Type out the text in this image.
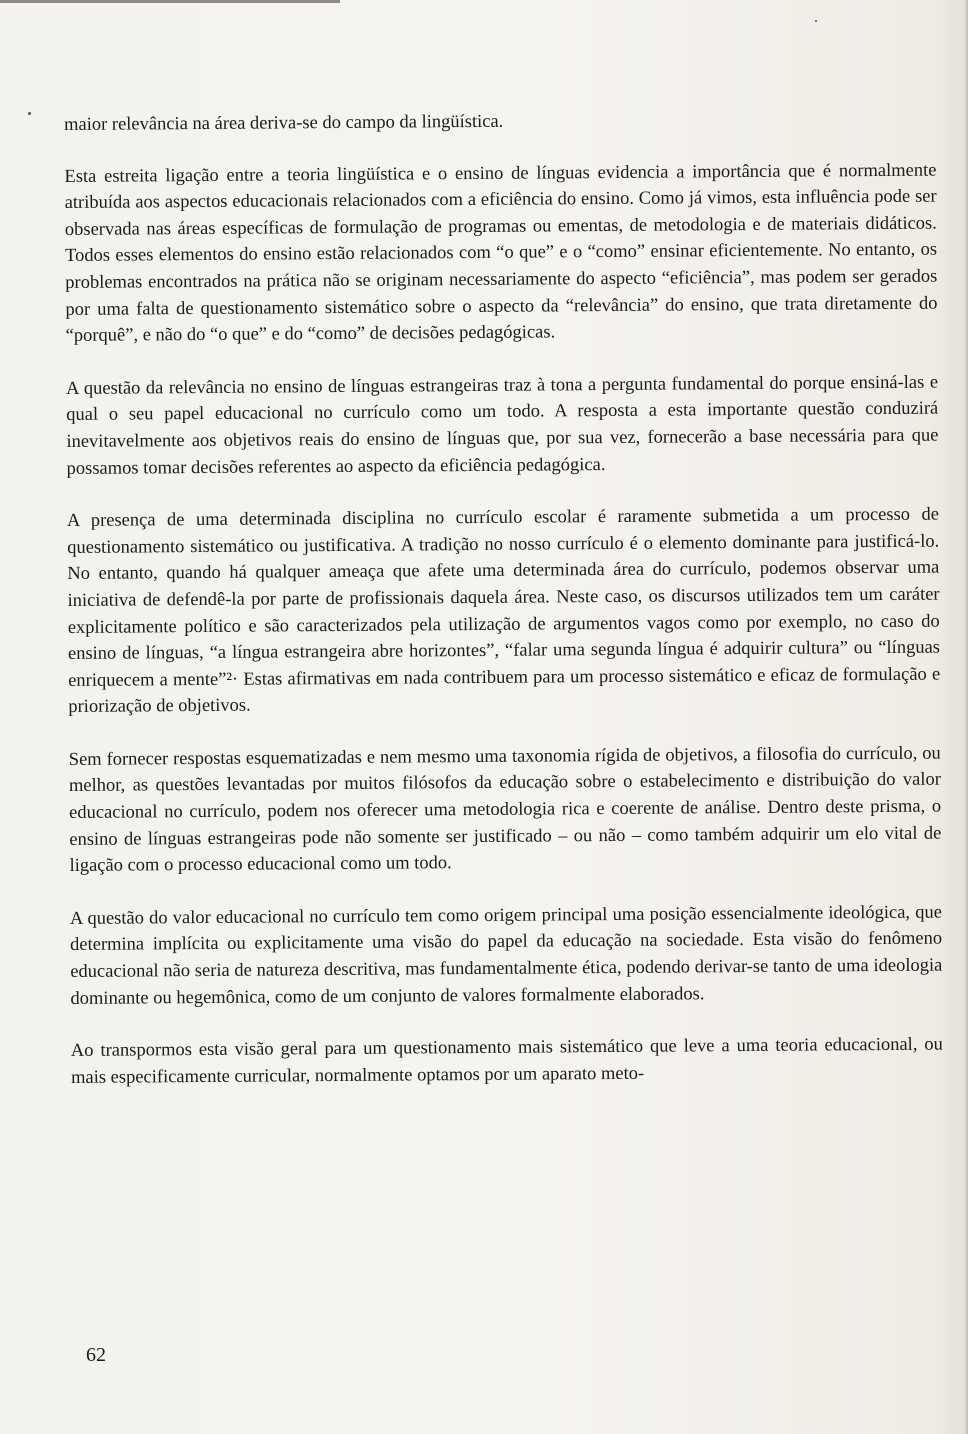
maior relevância na área deriva-se do campo da lingüística.

Esta estreita ligação entre a teoria lingüística e o ensino de línguas evidencia a importância que é normalmente atribuída aos aspectos educacionais relacionados com a eficiência do ensino. Como já vimos, esta influência pode ser observada nas áreas específicas de formulação de programas ou ementas, de metodologia e de materiais didáticos. Todos esses elementos do ensino estão relacionados com “o que” e o “como” ensinar eficientemente. No entanto, os problemas encontrados na prática não se originam necessariamente do aspecto “eficiência”, mas podem ser gerados por uma falta de questionamento sistemático sobre o aspecto da “relevância” do ensino, que trata diretamente do “porquê”, e não do “o que” e do “como” de decisões pedagógicas.

A questão da relevância no ensino de línguas estrangeiras traz à tona a pergunta fundamental do porque ensiná-las e qual o seu papel educacional no currículo como um todo. A resposta a esta importante questão conduzirá inevitavelmente aos objetivos reais do ensino de línguas que, por sua vez, fornecerão a base necessária para que possamos tomar decisões referentes ao aspecto da eficiência pedagógica.

A presença de uma determinada disciplina no currículo escolar é raramente submetida a um processo de questionamento sistemático ou justificativa. A tradição no nosso currículo é o elemento dominante para justificá-lo. No entanto, quando há qualquer ameaça que afete uma determinada área do currículo, podemos observar uma iniciativa de defendê-la por parte de profissionais daquela área. Neste caso, os discursos utilizados tem um caráter explicitamente político e são caracterizados pela utilização de argumentos vagos como por exemplo, no caso do ensino de línguas, “a língua estrangeira abre horizontes”, “falar uma segunda língua é adquirir cultura” ou “línguas enriquecem a mente”²· Estas afirmativas em nada contribuem para um processo sistemático e eficaz de formulação e priorização de objetivos.

Sem fornecer respostas esquematizadas e nem mesmo uma taxonomia rígida de objetivos, a filosofia do currículo, ou melhor, as questões levantadas por muitos filósofos da educação sobre o estabelecimento e distribuição do valor educacional no currículo, podem nos oferecer uma metodologia rica e coerente de análise. Dentro deste prisma, o ensino de línguas estrangeiras pode não somente ser justificado – ou não – como também adquirir um elo vital de ligação com o processo educacional como um todo.

A questão do valor educacional no currículo tem como origem principal uma posição essencialmente ideológica, que determina implícita ou explicitamente uma visão do papel da educação na sociedade. Esta visão do fenômeno educacional não seria de natureza descritiva, mas fundamentalmente ética, podendo derivar-se tanto de uma ideologia dominante ou hegemônica, como de um conjunto de valores formalmente elaborados.

Ao transpormos esta visão geral para um questionamento mais sistemático que leve a uma teoria educacional, ou mais especificamente curricular, normalmente optamos por um aparato meto-

62
